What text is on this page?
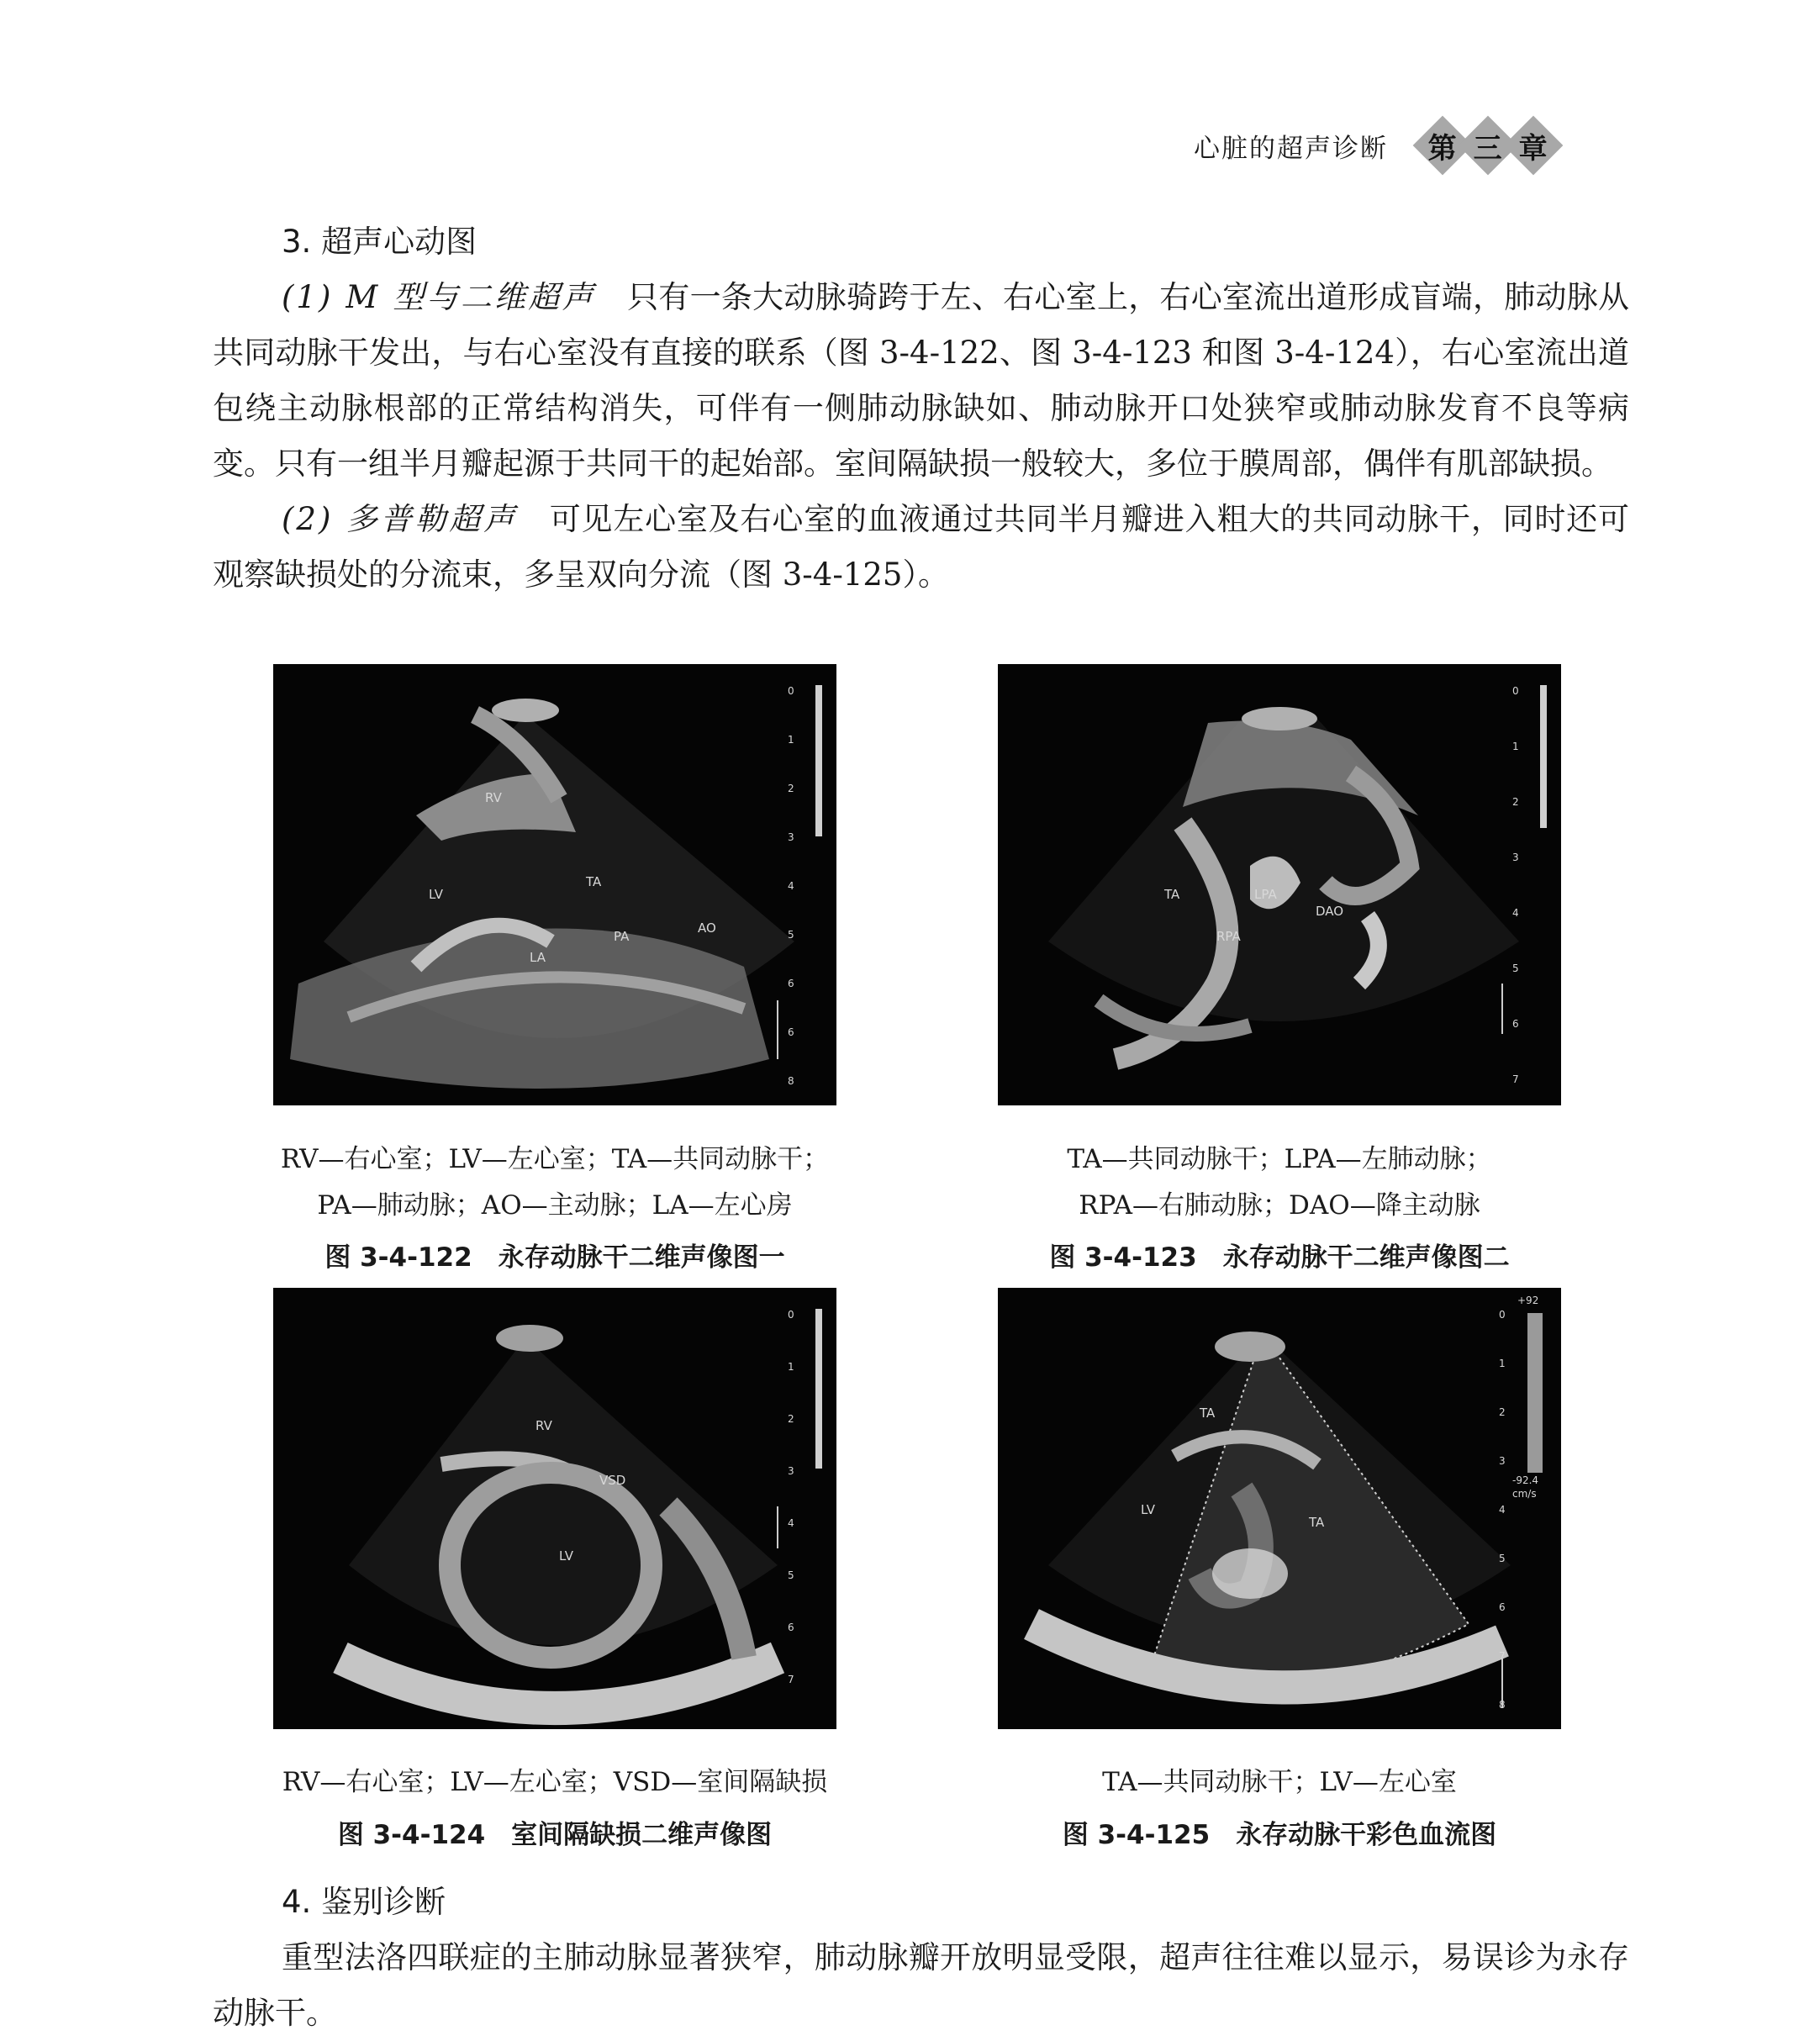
心脏的超声诊断 第 三 章

3. 超声心动图

(1) M 型与二维超声　 只有一条大动脉骑跨于左、右心室上，右心室流出道形成盲端，肺动脉从共同动脉干发出，与右心室没有直接的联系（图 3-4-122、图 3-4-123 和图 3-4-124），右心室流出道包绕主动脉根部的正常结构消失，可伴有一侧肺动脉缺如、肺动脉开口处狭窄或肺动脉发育不良等病变。只有一组半月瓣起源于共同干的起始部。室间隔缺损一般较大，多位于膜周部，偶伴有肌部缺损。

(2) 多普勒超声　 可见左心室及右心室的血液通过共同半月瓣进入粗大的共同动脉干，同时还可观察缺损处的分流束，多呈双向分流（图 3-4-125）。

RV
LV
TA
PA
AO
LA
0
1
2
3
4
5
6
6
8
RV—右心室；LV—左心室；TA—共同动脉干；
PA—肺动脉；AO—主动脉；LA—左心房
图 3-4-122　永存动脉干二维声像图一
TA	LPA
RPA
DAO
0
1
2
3
4
5
6
7
TA—共同动脉干；LPA—左肺动脉；
RPA—右肺动脉；DAO—降主动脉
图 3-4-123　永存动脉干二维声像图二
RV
VSD
LV
0
1
2
3
4
5
6
7
RV—右心室；LV—左心室；VSD—室间隔缺损
图 3-4-124　室间隔缺损二维声像图
TA
TA
LV
+92
-92.4
cm/s
0
1
2
3
4
5
6
7
8
TA—共同动脉干；LV—左心室
图 3-4-125　永存动脉干彩色血流图

4. 鉴别诊断

重型法洛四联症的主肺动脉显著狭窄，肺动脉瓣开放明显受限，超声往往难以显示，易误诊为永存动脉干。
